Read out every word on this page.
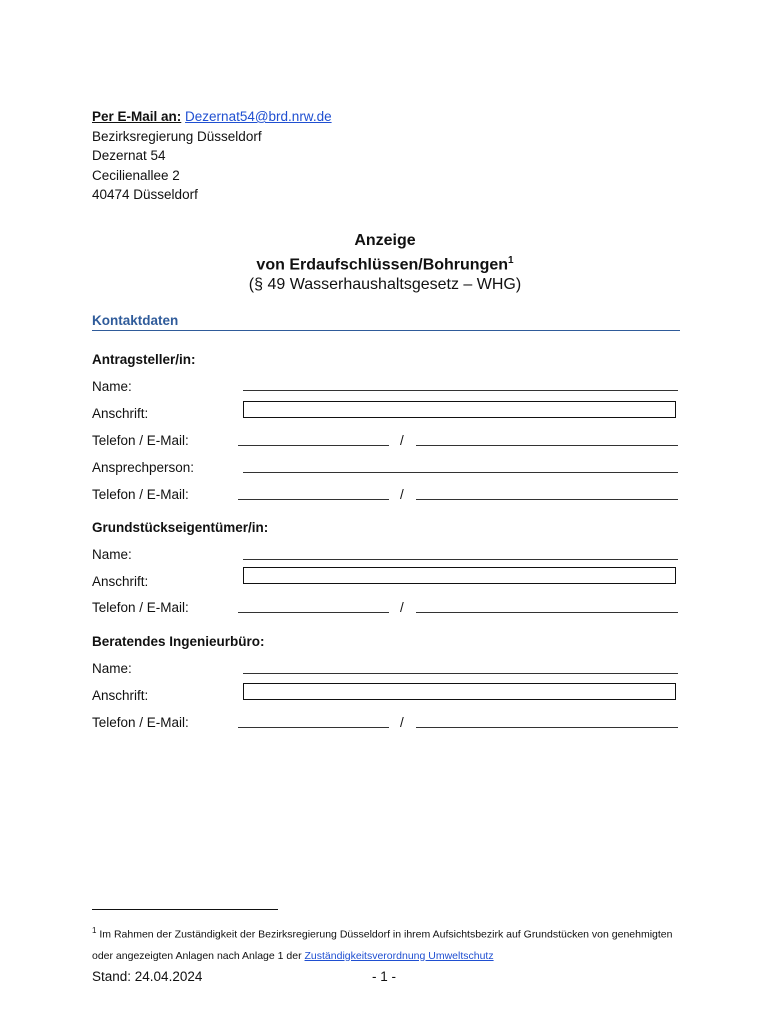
Per E-Mail an: Dezernat54@brd.nrw.de
Bezirksregierung Düsseldorf
Dezernat 54
Cecilienallee 2
40474 Düsseldorf
Anzeige
von Erdaufschlüssen/Bohrungen$^1$
(§ 49 Wasserhaushaltsgesetz – WHG)
Kontaktdaten
Antragsteller/in:
Name:
Anschrift:
Telefon / E-Mail:	/
Ansprechperson:
Telefon / E-Mail:	/
Grundstückseigentümer/in:
Name:
Anschrift:
Telefon / E-Mail:	/
Beratendes Ingenieurbüro:
Name:
Anschrift:
Telefon / E-Mail:	/
$^1$ Im Rahmen der Zuständigkeit der Bezirksregierung Düsseldorf in ihrem Aufsichtsbezirk auf Grundstücken von genehmigten oder angezeigten Anlagen nach Anlage 1 der Zuständigkeitsverordnung Umweltschutz
Stand: 24.04.2024	- 1 -
